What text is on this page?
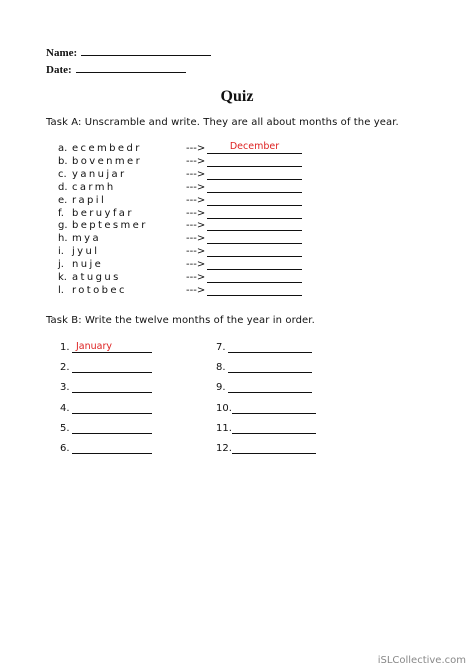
Name:
Date:
Quiz
Task A: Unscramble and write. They are all about months of the year.
a. ecembedr	--->	December
b. bovenmer	--->
c. yanujar	--->
d. carmh	--->
e. rapil	--->
f. beruyfar	--->
g. beptesmer	--->
h. mya	--->
i. jyul	--->
j. nuje	--->
k. atugus	--->
l. rotobec	--->
Task B: Write the twelve months of the year in order.
1. January
2.
3.
4.
5.
6.
7.
8.
9.
10.
11.
12.
iSLCollective.com
